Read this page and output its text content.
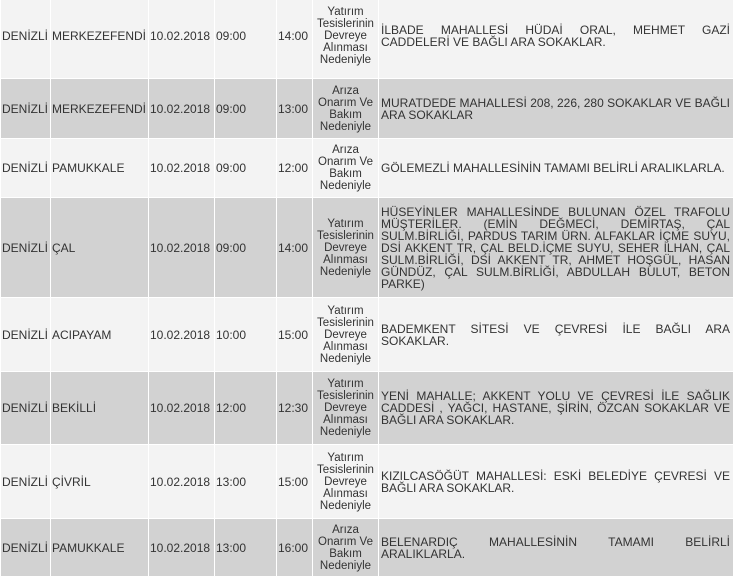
DENİZLİ	MERKEZEFENDİ	10.02.2018	09:00	14:00	Yatırım Tesislerinin Devreye Alınması Nedeniyle	İLBADE MAHALLESİ HÜDAİ ORAL, MEHMET GAZİ CADDELERİ VE BAĞLI ARA SOKAKLAR.
DENİZLİ	MERKEZEFENDİ	10.02.2018	09:00	13:00	Arıza Onarım Ve Bakım Nedeniyle	MURATDEDE MAHALLESİ 208, 226, 280 SOKAKLAR VE BAĞLI ARA SOKAKLAR
DENİZLİ	PAMUKKALE	10.02.2018	09:00	12:00	Arıza Onarım Ve Bakım Nedeniyle	GÖLEMEZLİ MAHALLESİNİN TAMAMI BELİRLİ ARALIKLARLA.
DENİZLİ	ÇAL	10.02.2018	09:00	14:00	Yatırım Tesislerinin Devreye Alınması Nedeniyle	HÜSEYİNLER MAHALLESİNDE BULUNAN ÖZEL TRAFOLU MÜŞTERİLER. (EMİN DEĞMECİ, DEMİRTAŞ, ÇAL SULM.BİRLİĞİ, PARDUS TARIM ÜRN. ALFAKLAR İÇME SUYU, DSİ AKKENT TR, ÇAL BELD.İÇME SUYU, SEHER İLHAN, ÇAL SULM.BİRLİĞİ, DSİ AKKENT TR, AHMET HOŞGÜL, HASAN GÜNDÜZ, ÇAL SULM.BİRLİĞİ, ABDULLAH BULUT, BETON PARKE)
DENİZLİ	ACIPAYAM	10.02.2018	10:00	15:00	Yatırım Tesislerinin Devreye Alınması Nedeniyle	BADEMKENT SİTESİ VE ÇEVRESİ İLE BAĞLI ARA SOKAKLAR.
DENİZLİ	BEKİLLİ	10.02.2018	12:00	12:30	Yatırım Tesislerinin Devreye Alınması Nedeniyle	YENİ MAHALLE; AKKENT YOLU VE ÇEVRESİ İLE SAĞLIK CADDESİ , YAĞCI, HASTANE, ŞİRİN, ÖZCAN SOKAKLAR VE BAĞLI ARA SOKAKLAR.
DENİZLİ	ÇİVRİL	10.02.2018	13:00	15:00	Yatırım Tesislerinin Devreye Alınması Nedeniyle	KIZILCASÖĞÜT MAHALLESİ: ESKİ BELEDİYE ÇEVRESİ VE BAĞLI ARA SOKAKLAR.
DENİZLİ	PAMUKKALE	10.02.2018	13:00	16:00	Arıza Onarım Ve Bakım Nedeniyle	BELENARDIÇ MAHALLESİNİN TAMAMI BELİRLİ ARALIKLARLA.
